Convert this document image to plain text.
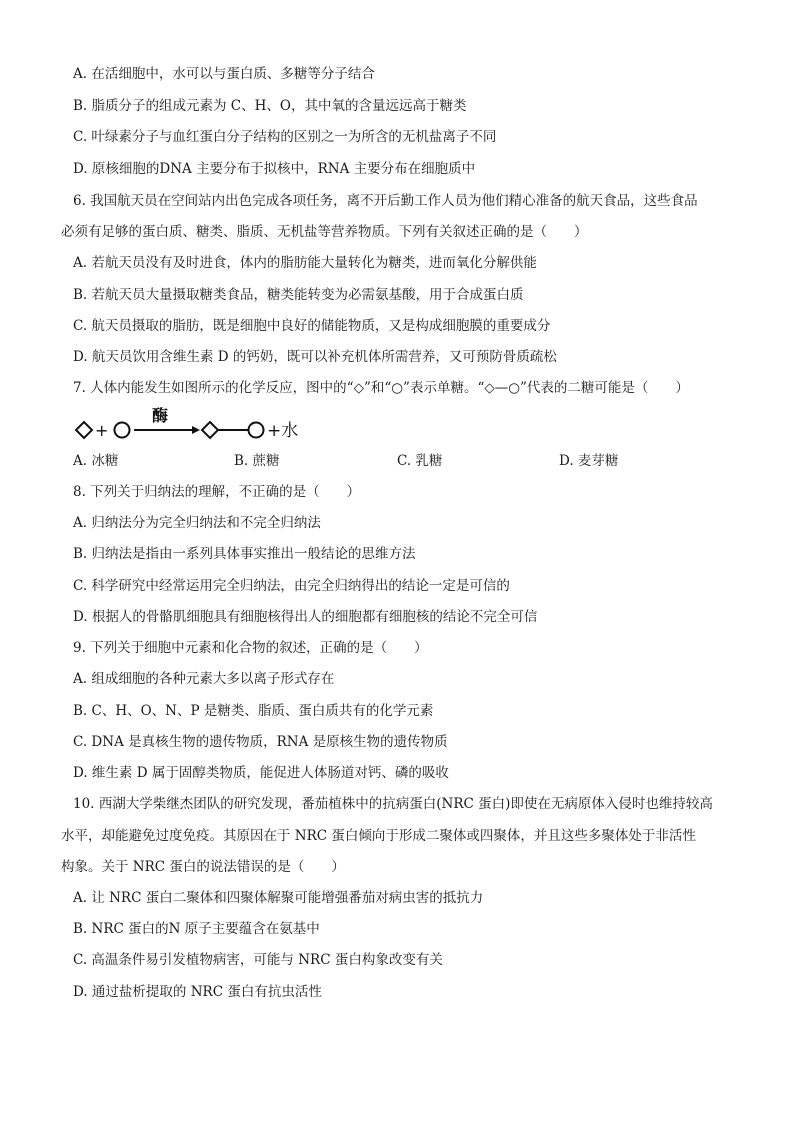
A. 在活细胞中，水可以与蛋白质、多糖等分子结合
B. 脂质分子的组成元素为 C、H、O，其中氧的含量远远高于糖类
C. 叶绿素分子与血红蛋白分子结构的区别之一为所含的无机盐离子不同
D. 原核细胞的DNA 主要分布于拟核中，RNA 主要分布在细胞质中
6. 我国航天员在空间站内出色完成各项任务，离不开后勤工作人员为他们精心准备的航天食品，这些食品
必须有足够的蛋白质、糖类、脂质、无机盐等营养物质。下列有关叙述正确的是（　　）
A. 若航天员没有及时进食，体内的脂肪能大量转化为糖类，进而氧化分解供能
B. 若航天员大量摄取糖类食品，糖类能转变为必需氨基酸，用于合成蛋白质
C. 航天员摄取的脂肪，既是细胞中良好的储能物质，又是构成细胞膜的重要成分
D. 航天员饮用含维生素 D 的钙奶，既可以补充机体所需营养，又可预防骨质疏松
7. 人体内能发生如图所示的化学反应，图中的“◇”和“○”表示单糖。“◇—○”代表的二糖可能是（　　）
+
酶
+水
A. 冰糖	B. 蔗糖	C. 乳糖	D. 麦芽糖
8. 下列关于归纳法的理解，不正确的是（　　）
A. 归纳法分为完全归纳法和不完全归纳法
B. 归纳法是指由一系列具体事实推出一般结论的思维方法
C. 科学研究中经常运用完全归纳法，由完全归纳得出的结论一定是可信的
D. 根据人的骨骼肌细胞具有细胞核得出人的细胞都有细胞核的结论不完全可信
9. 下列关于细胞中元素和化合物的叙述，正确的是（　　）
A. 组成细胞的各种元素大多以离子形式存在
B. C、H、O、N、P 是糖类、脂质、蛋白质共有的化学元素
C. DNA 是真核生物的遗传物质，RNA 是原核生物的遗传物质
D. 维生素 D 属于固醇类物质，能促进人体肠道对钙、磷的吸收
10. 西湖大学柴继杰团队的研究发现，番茄植株中的抗病蛋白(NRC 蛋白)即使在无病原体入侵时也维持较高
水平，却能避免过度免疫。其原因在于 NRC 蛋白倾向于形成二聚体或四聚体，并且这些多聚体处于非活性
构象。关于 NRC 蛋白的说法错误的是（　　）
A. 让 NRC 蛋白二聚体和四聚体解聚可能增强番茄对病虫害的抵抗力
B. NRC 蛋白的N 原子主要蕴含在氨基中
C. 高温条件易引发植物病害，可能与 NRC 蛋白构象改变有关
D. 通过盐析提取的 NRC 蛋白有抗虫活性
